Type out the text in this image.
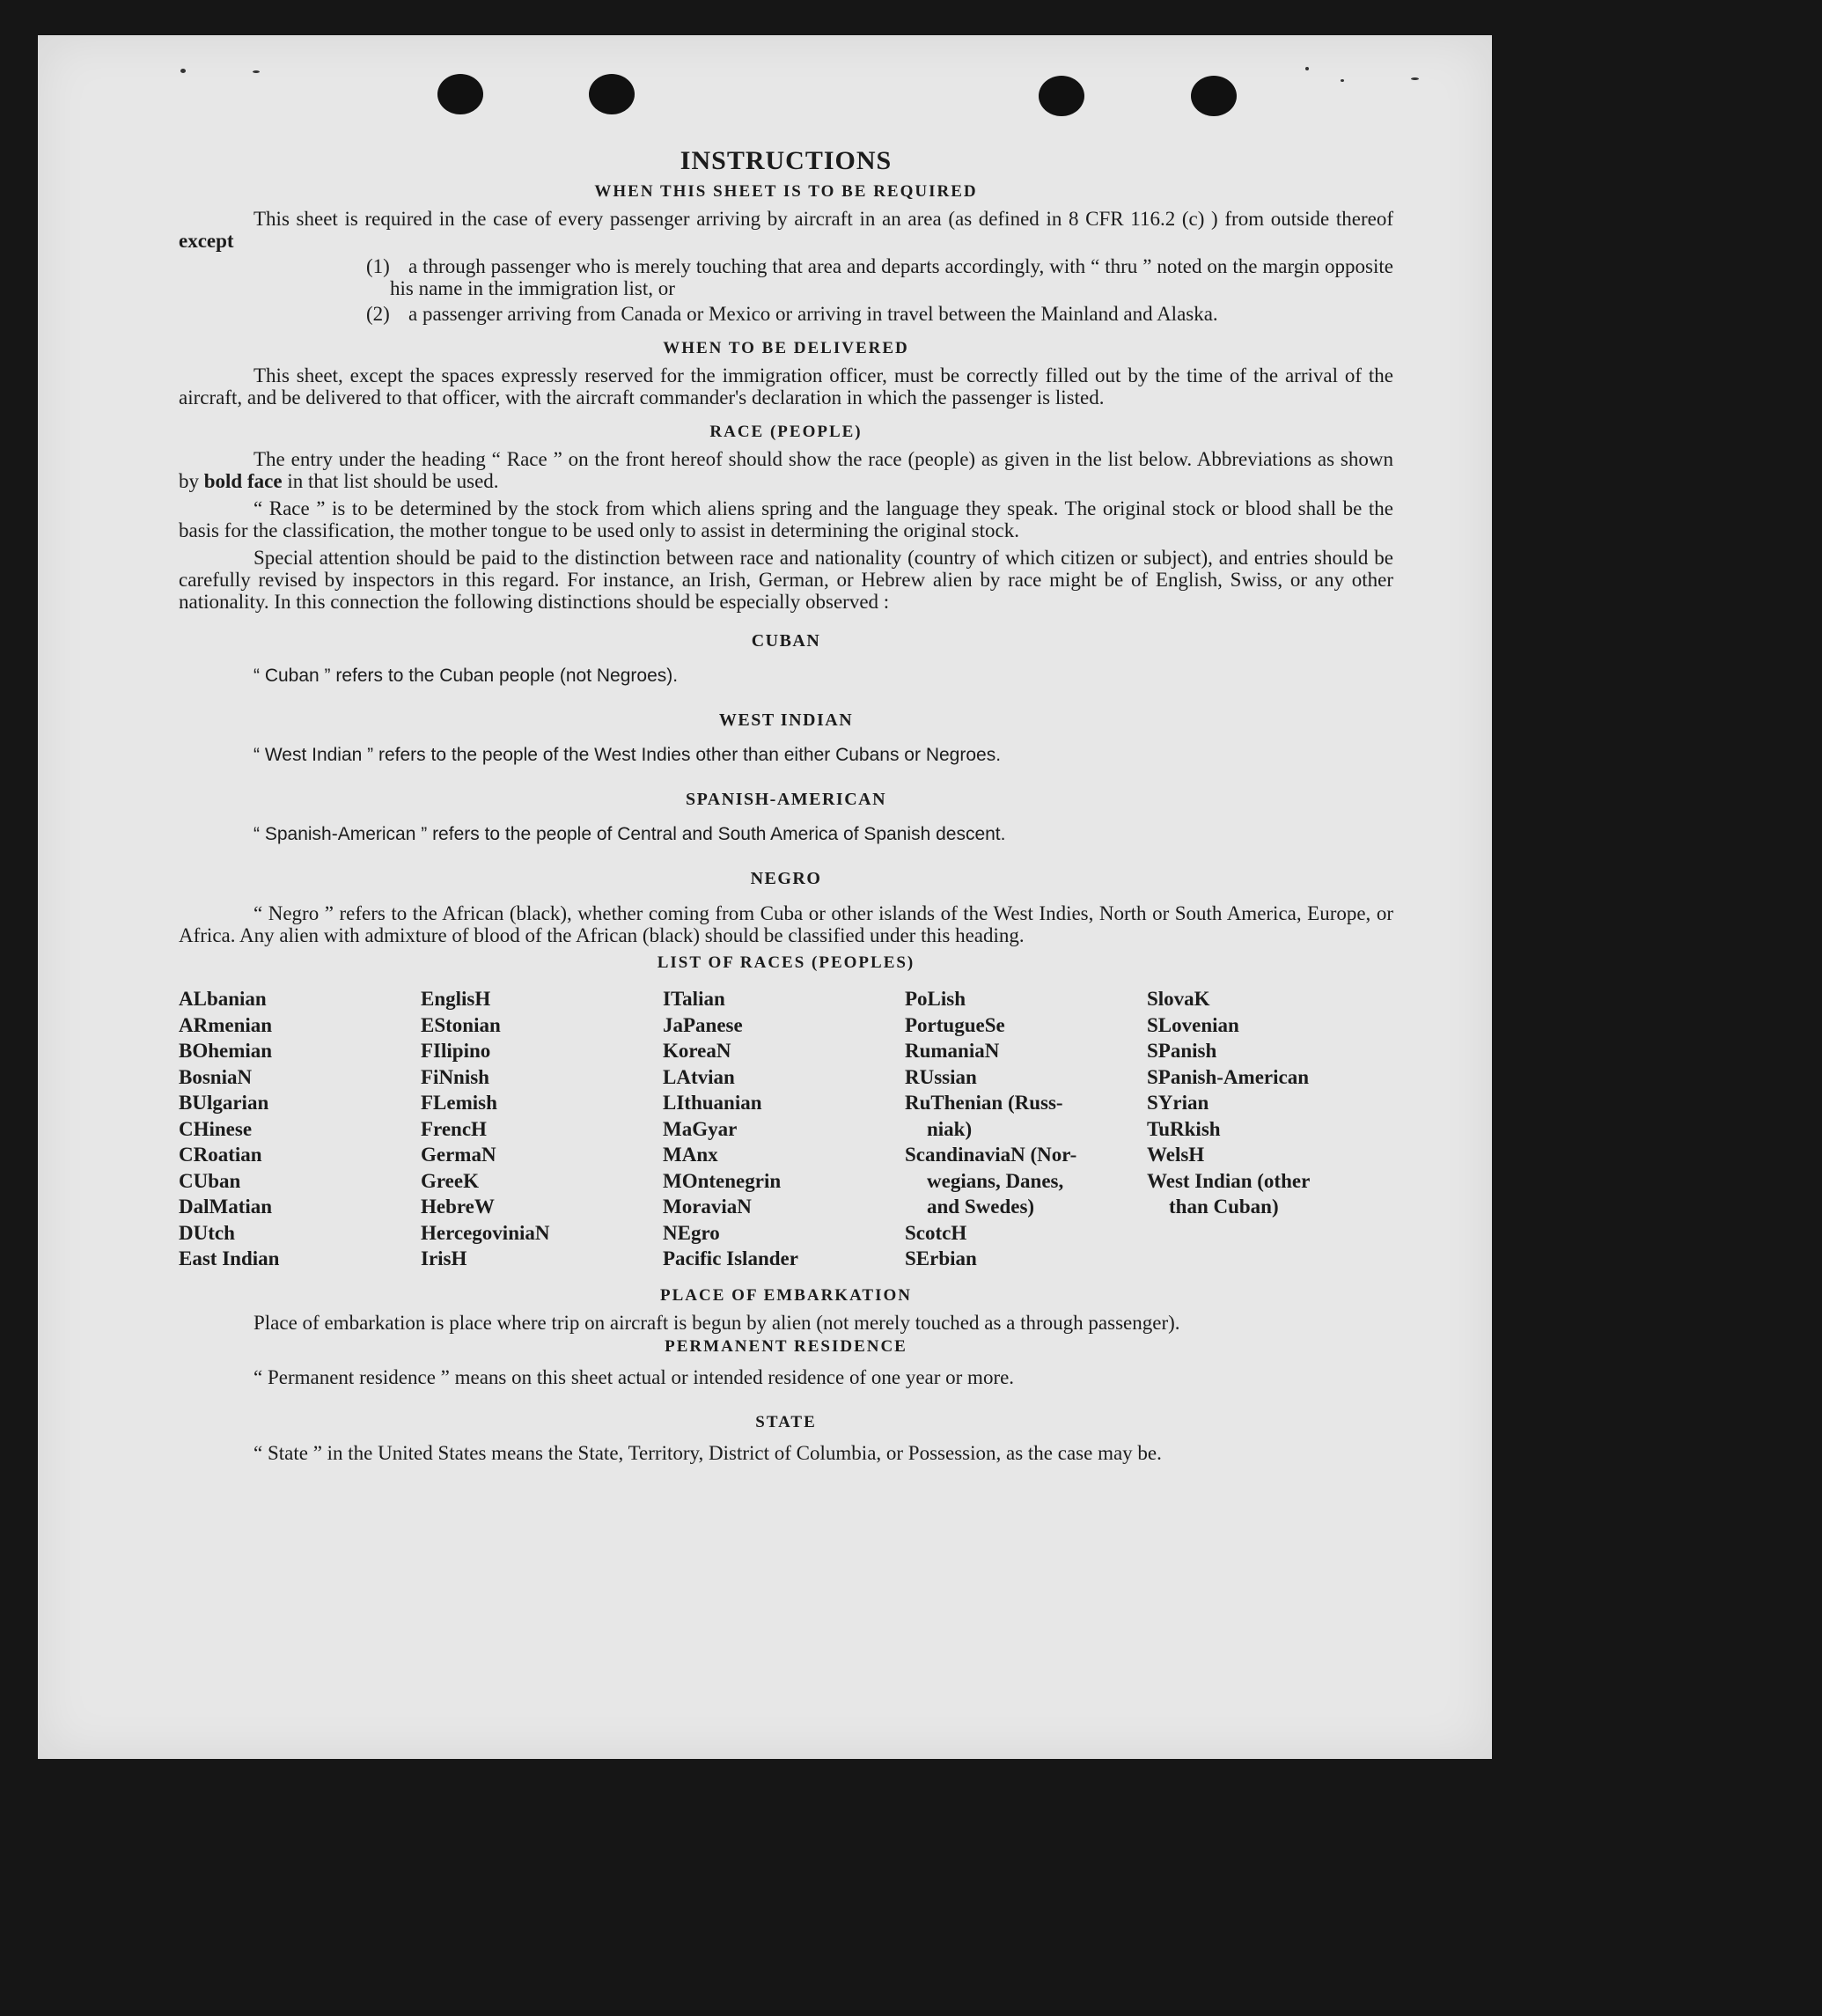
INSTRUCTIONS
WHEN THIS SHEET IS TO BE REQUIRED

This sheet is required in the case of every passenger arriving by aircraft in an area (as defined in 8 CFR 116.2 (c) ) from outside thereof except

(1) a through passenger who is merely touching that area and departs accordingly, with “ thru ” noted on the margin opposite his name in the immigration list, or
(2) a passenger arriving from Canada or Mexico or arriving in travel between the Mainland and Alaska.
WHEN TO BE DELIVERED

This sheet, except the spaces expressly reserved for the immigration officer, must be correctly filled out by the time of the arrival of the aircraft, and be delivered to that officer, with the aircraft commander's declaration in which the passenger is listed.

RACE (PEOPLE)

The entry under the heading “ Race ” on the front hereof should show the race (people) as given in the list below. Abbreviations as shown by bold face in that list should be used.

“ Race ” is to be determined by the stock from which aliens spring and the language they speak. The original stock or blood shall be the basis for the classification, the mother tongue to be used only to assist in determining the original stock.

Special attention should be paid to the distinction between race and nationality (country of which citizen or subject), and entries should be carefully revised by inspectors in this regard. For instance, an Irish, German, or Hebrew alien by race might be of English, Swiss, or any other nationality. In this connection the following distinctions should be especially observed :

CUBAN
“ Cuban ” refers to the Cuban people (not Negroes).
WEST INDIAN
“ West Indian ” refers to the people of the West Indies other than either Cubans or Negroes.
SPANISH-AMERICAN
“ Spanish-American ” refers to the people of Central and South America of Spanish descent.
NEGRO

“ Negro ” refers to the African (black), whether coming from Cuba or other islands of the West Indies, North or South America, Europe, or Africa. Any alien with admixture of blood of the African (black) should be classified under this heading.

LIST OF RACES (PEOPLES)
ALbanian
ARmenian
BOhemian
BosniaN
BUlgarian
CHinese
CRoatian
CUban
DalMatian
DUtch
East Indian
EnglisH
EStonian
FIlipino
FiNnish
FLemish
FrencH
GermaN
GreeK
HebreW
HercegoviniaN
IrisH
ITalian
JaPanese
KoreaN
LAtvian
LIthuanian
MaGyar
MAnx
MOntenegrin
MoraviaN
NEgro
Pacific Islander
PoLish
PortugueSe
RumaniaN
RUssian
RuThenian (Russ-
niak)
ScandinaviaN (Nor-
wegians, Danes,
and Swedes)
ScotcH
SErbian
SlovaK
SLovenian
SPanish
SPanish-American
SYrian
TuRkish
WelsH
West Indian (other
than Cuban)
PLACE OF EMBARKATION

Place of embarkation is place where trip on aircraft is begun by alien (not merely touched as a through passenger).

PERMANENT RESIDENCE

“ Permanent residence ” means on this sheet actual or intended residence of one year or more.

STATE

“ State ” in the United States means the State, Territory, District of Columbia, or Possession, as the case may be.
